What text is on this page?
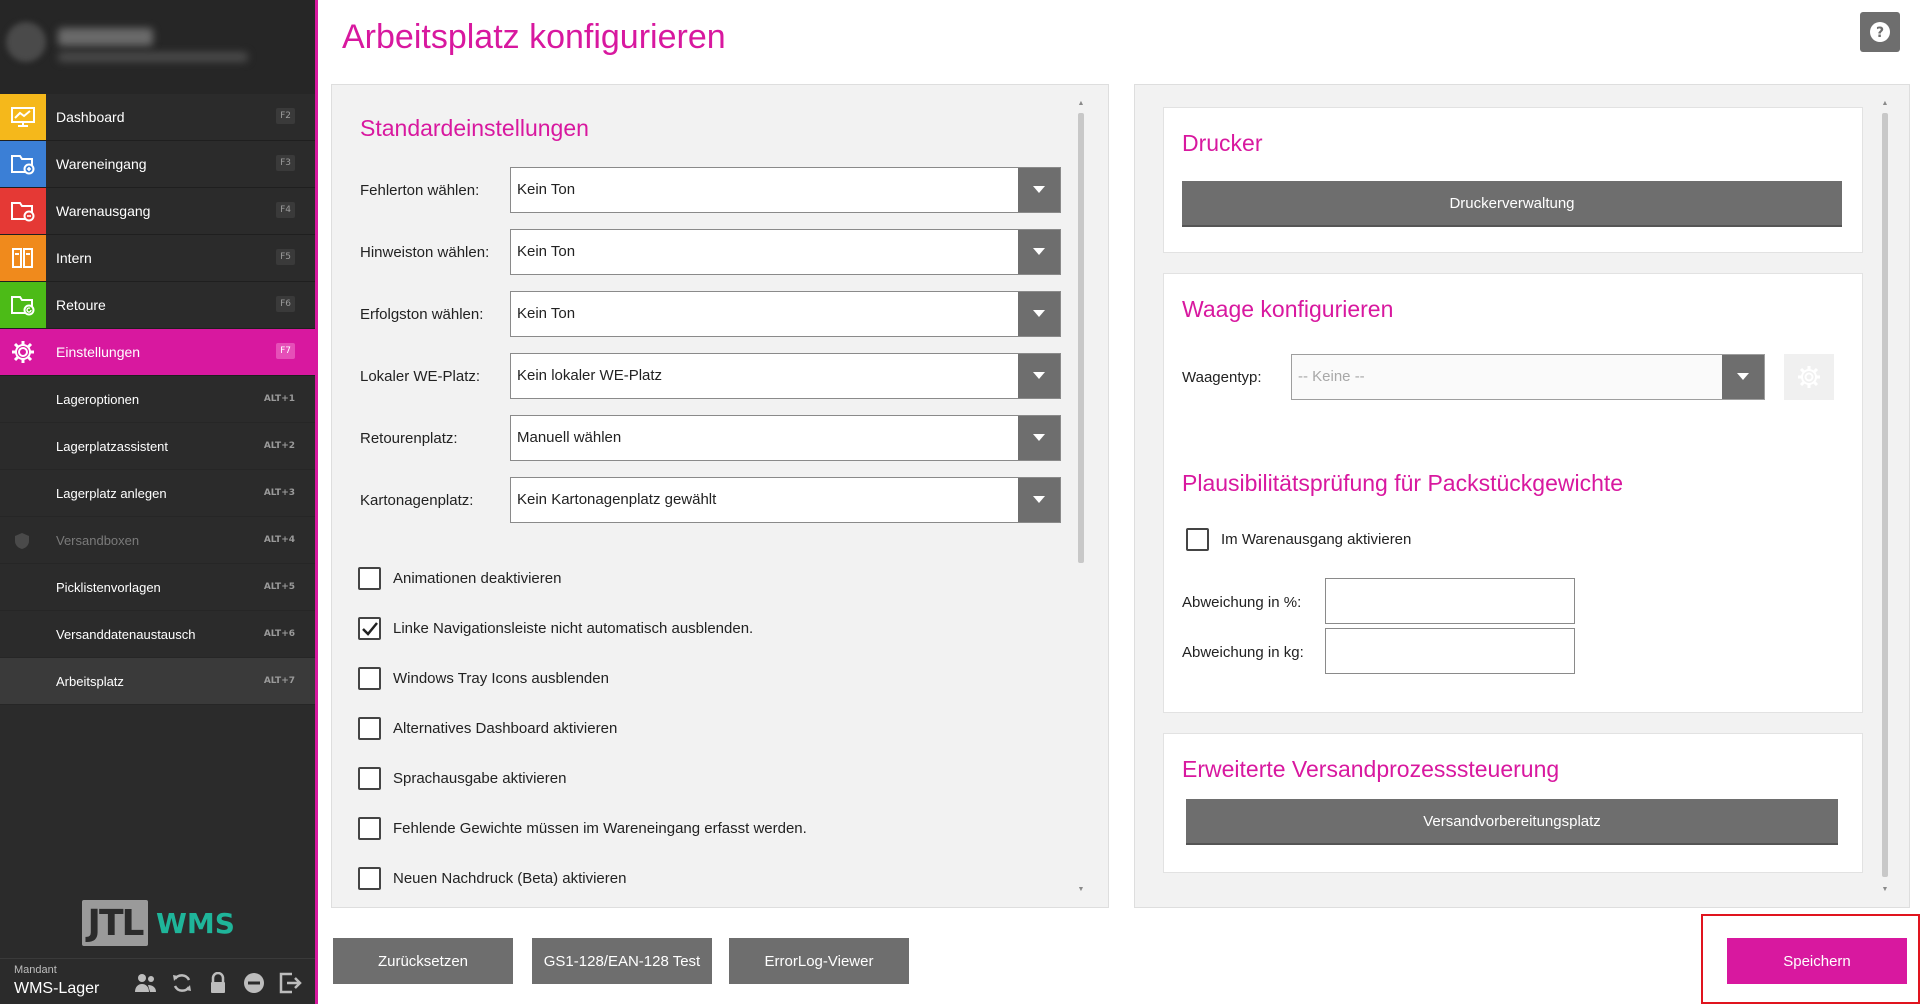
Dashboard	F2
Wareneingang	F3
Warenausgang	F4
Intern	F5
Retoure	F6
Einstellungen	F7
Lageroptionen	ALT+1
Lagerplatzassistent	ALT+2
Lagerplatz anlegen	ALT+3
Versandboxen	ALT+4
Picklistenvorlagen	ALT+5
Versanddatenaustausch	ALT+6
Arbeitsplatz	ALT+7
JTL WMS
Mandant
WMS-Lager
Arbeitsplatz konfigurieren	?
Standardeinstellungen
Fehlerton wählen:	Kein Ton
Hinweiston wählen: Kein Ton
Erfolgston wählen: Kein Ton
Lokaler WE-Platz: Kein lokaler WE-Platz
Retourenplatz:	Manuell wählen
Kartonagenplatz:	Kein Kartonagenplatz gewählt
Animationen deaktivieren
Linke Navigationsleiste nicht automatisch ausblenden.
Windows Tray Icons ausblenden
Alternatives Dashboard aktivieren
Sprachausgabe aktivieren
Fehlende Gewichte müssen im Wareneingang erfasst werden.
Neuen Nachdruck (Beta) aktivieren
▲
▼
Drucker
Druckerverwaltung
Waage konfigurieren
Waagentyp: -- Keine --
Plausibilitätsprüfung für Packstückgewichte
Im Warenausgang aktivieren
Abweichung in %:
Abweichung in kg:
Erweiterte Versandprozesssteuerung
Versandvorbereitungsplatz
▲
▼
Zurücksetzen	GS1-128/EAN-128 Test	ErrorLog-Viewer	Speichern
